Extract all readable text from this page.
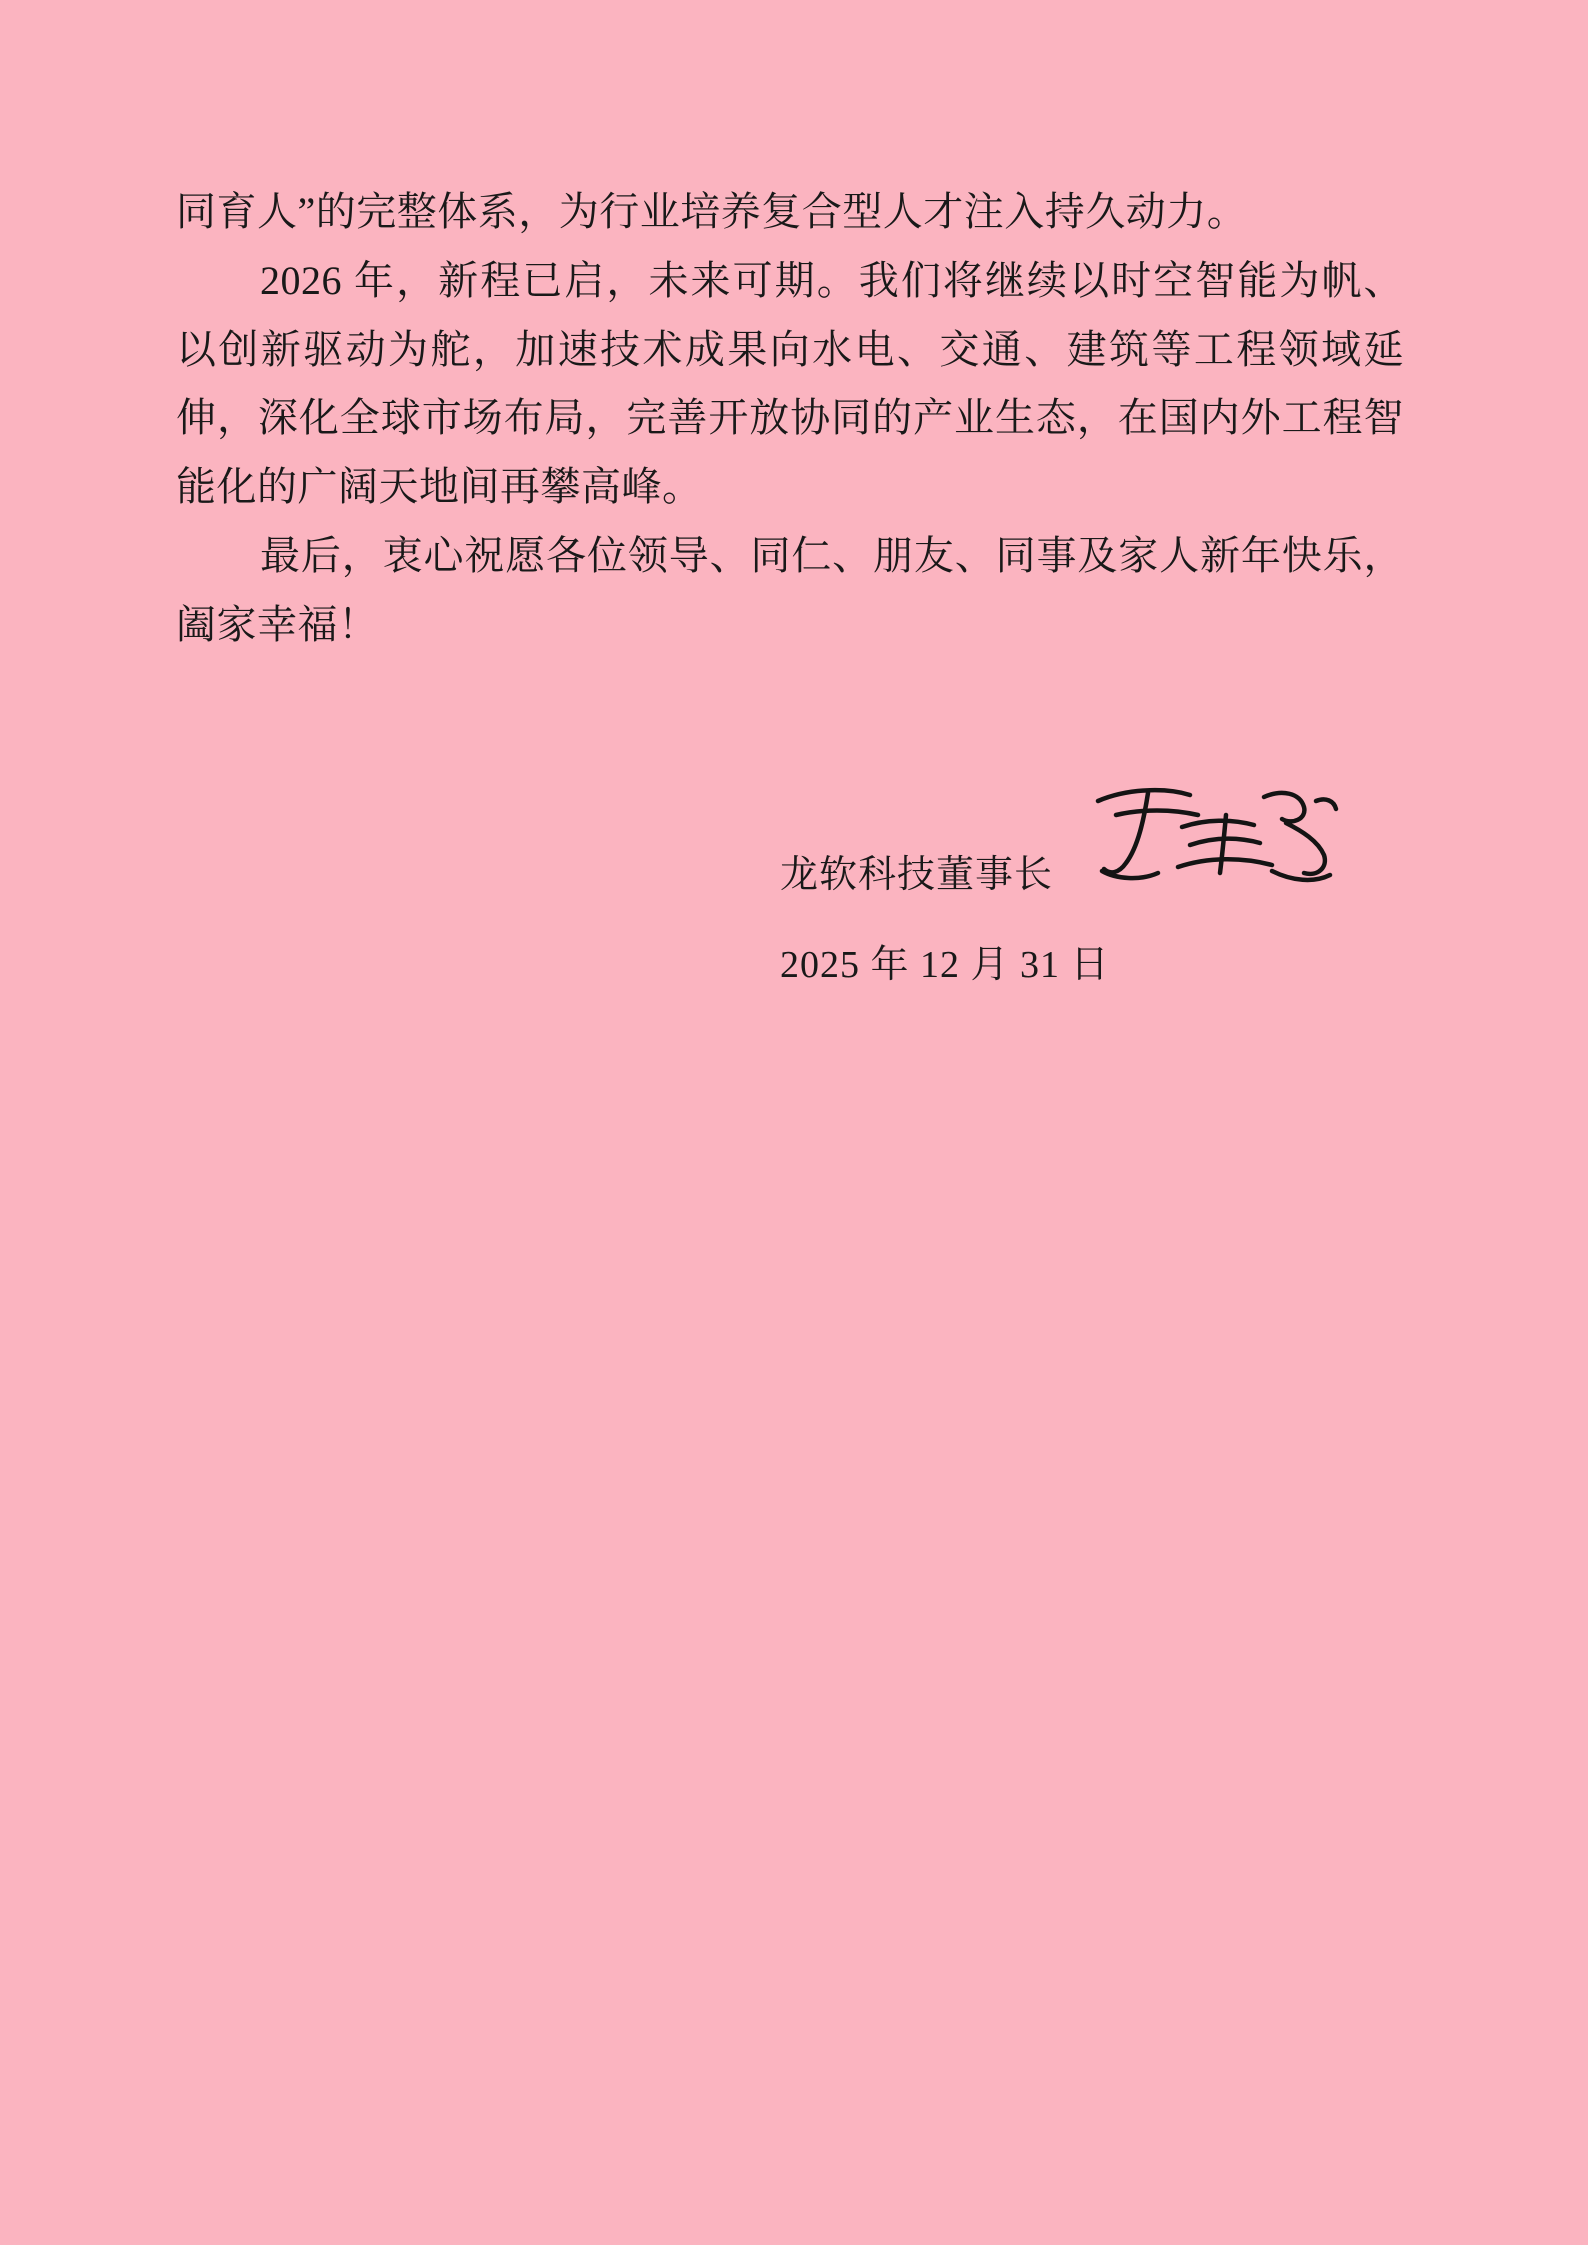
同育人”的完整体系，为行业培养复合型人才注入持久动力。

2026 年，新程已启，未来可期。我们将继续以时空智能为帆、以创新驱动为舵，加速技术成果向水电、交通、建筑等工程领域延伸，深化全球市场布局，完善开放协同的产业生态，在国内外工程智能化的广阔天地间再攀高峰。

最后，衷心祝愿各位领导、同仁、朋友、同事及家人新年快乐，阖家幸福！

龙软科技董事长
2025 年 12 月 31 日
